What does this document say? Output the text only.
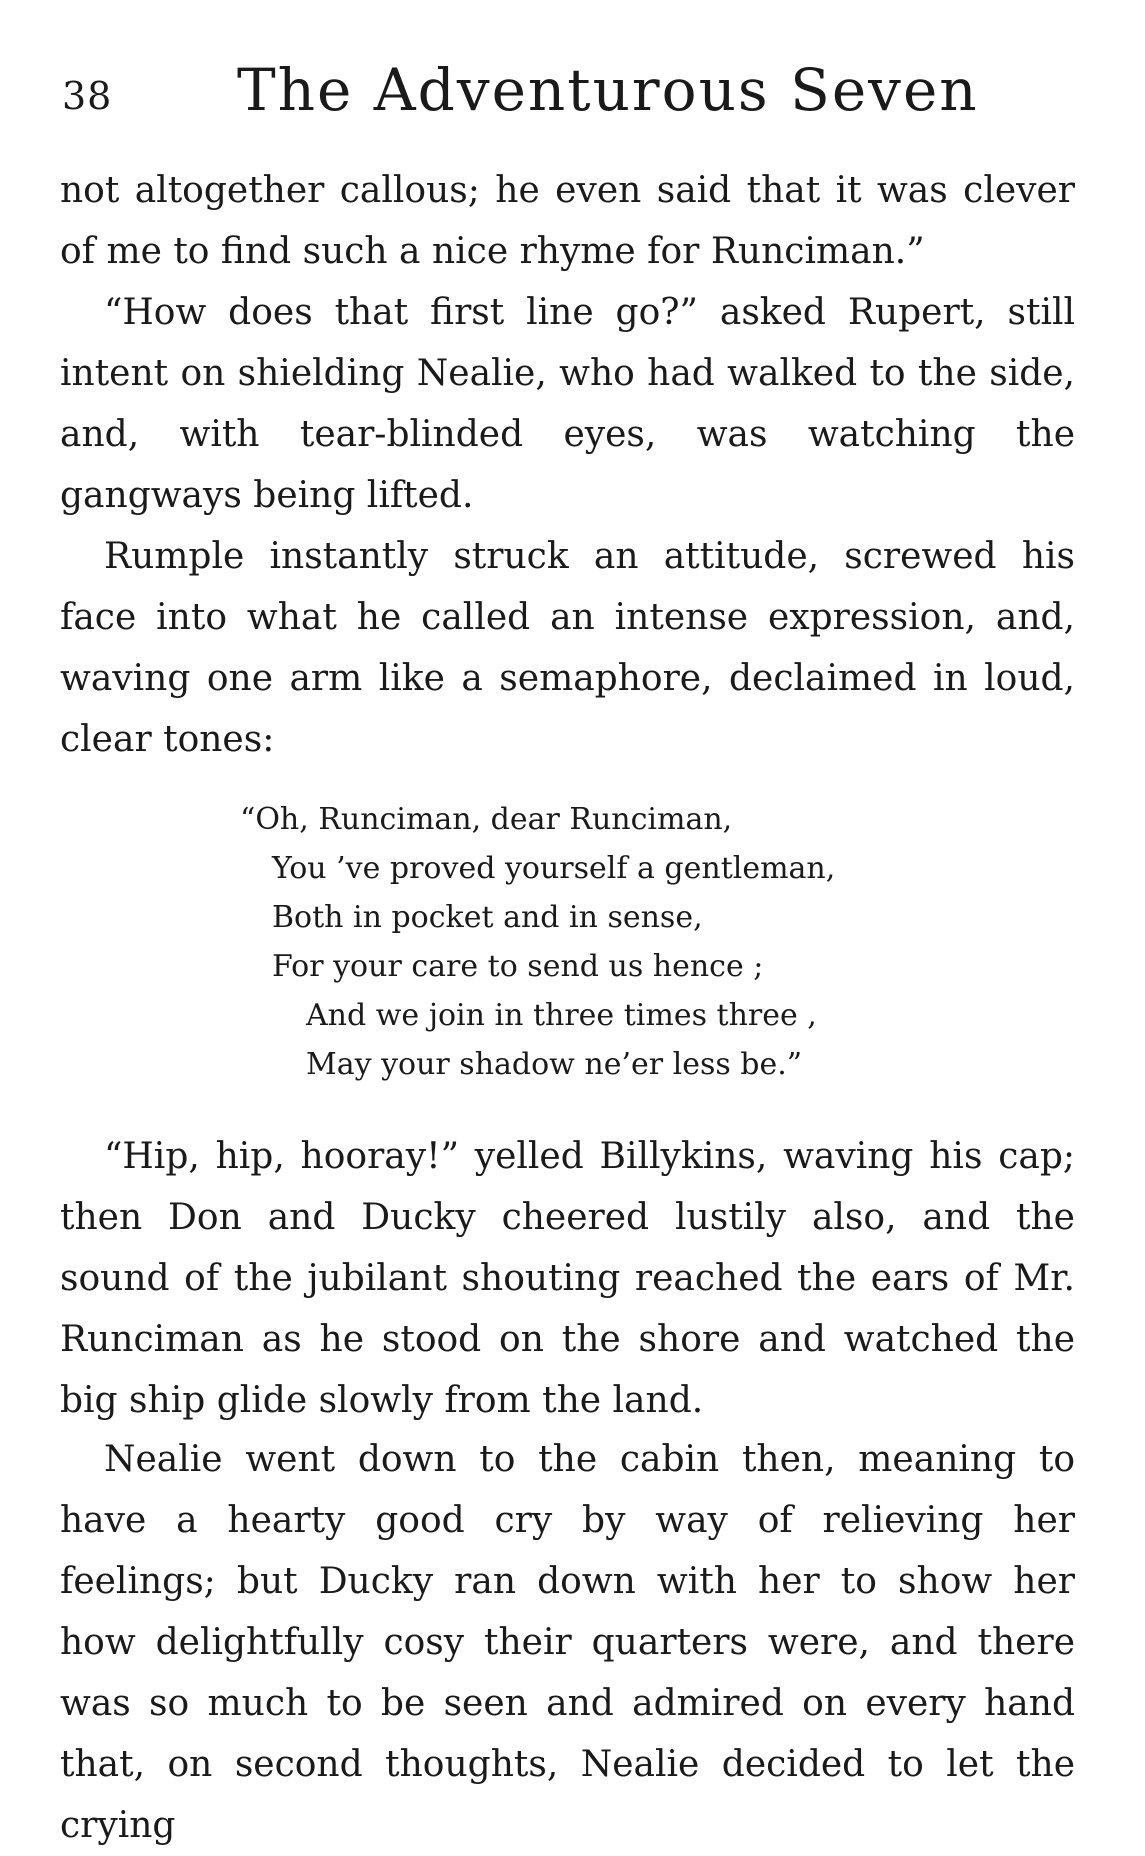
38 The Adventurous Seven

not altogether callous; he even said that it was clever of me to find such a nice rhyme for Runciman.”

“How does that first line go?” asked Rupert, still intent on shielding Nealie, who had walked to the side, and, with tear-blinded eyes, was watching the gangways being lifted.

Rumple instantly struck an attitude, screwed his face into what he called an intense expression, and, waving one arm like a semaphore, declaimed in loud, clear tones:

“Oh, Runciman, dear Runciman,
You ’ve proved yourself a gentleman,
Both in pocket and in sense,
For your care to send us hence ;
And we join in three times three ,
May your shadow ne’er less be.”

“Hip, hip, hooray!” yelled Billykins, waving his cap; then Don and Ducky cheered lustily also, and the sound of the jubilant shouting reached the ears of Mr. Runciman as he stood on the shore and watched the big ship glide slowly from the land.

Nealie went down to the cabin then, meaning to have a hearty good cry by way of relieving her feelings; but Ducky ran down with her to show her how delightfully cosy their quarters were, and there was so much to be seen and admired on every hand that, on second thoughts, Nealie decided to let the crying
